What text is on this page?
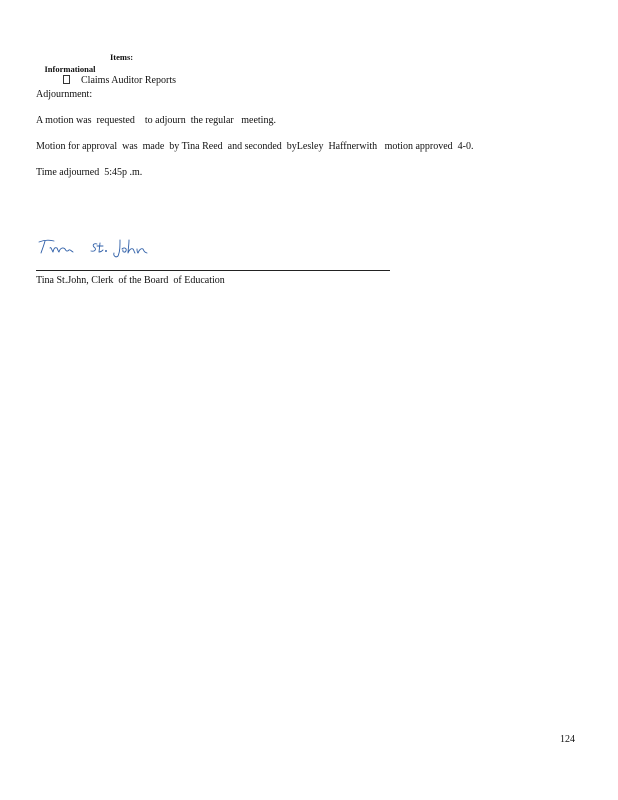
Informational

Items:

Claims Auditor Reports

Adjournment:
A motion was  requested    to adjourn  the regular   meeting.
Motion for approval  was  made  by Tina Reed  and seconded  byLesley  Haffnerwith   motion approved  4-0.
Time adjourned  5:45p .m.
Tina St.John, Clerk  of the Board  of Education
124
